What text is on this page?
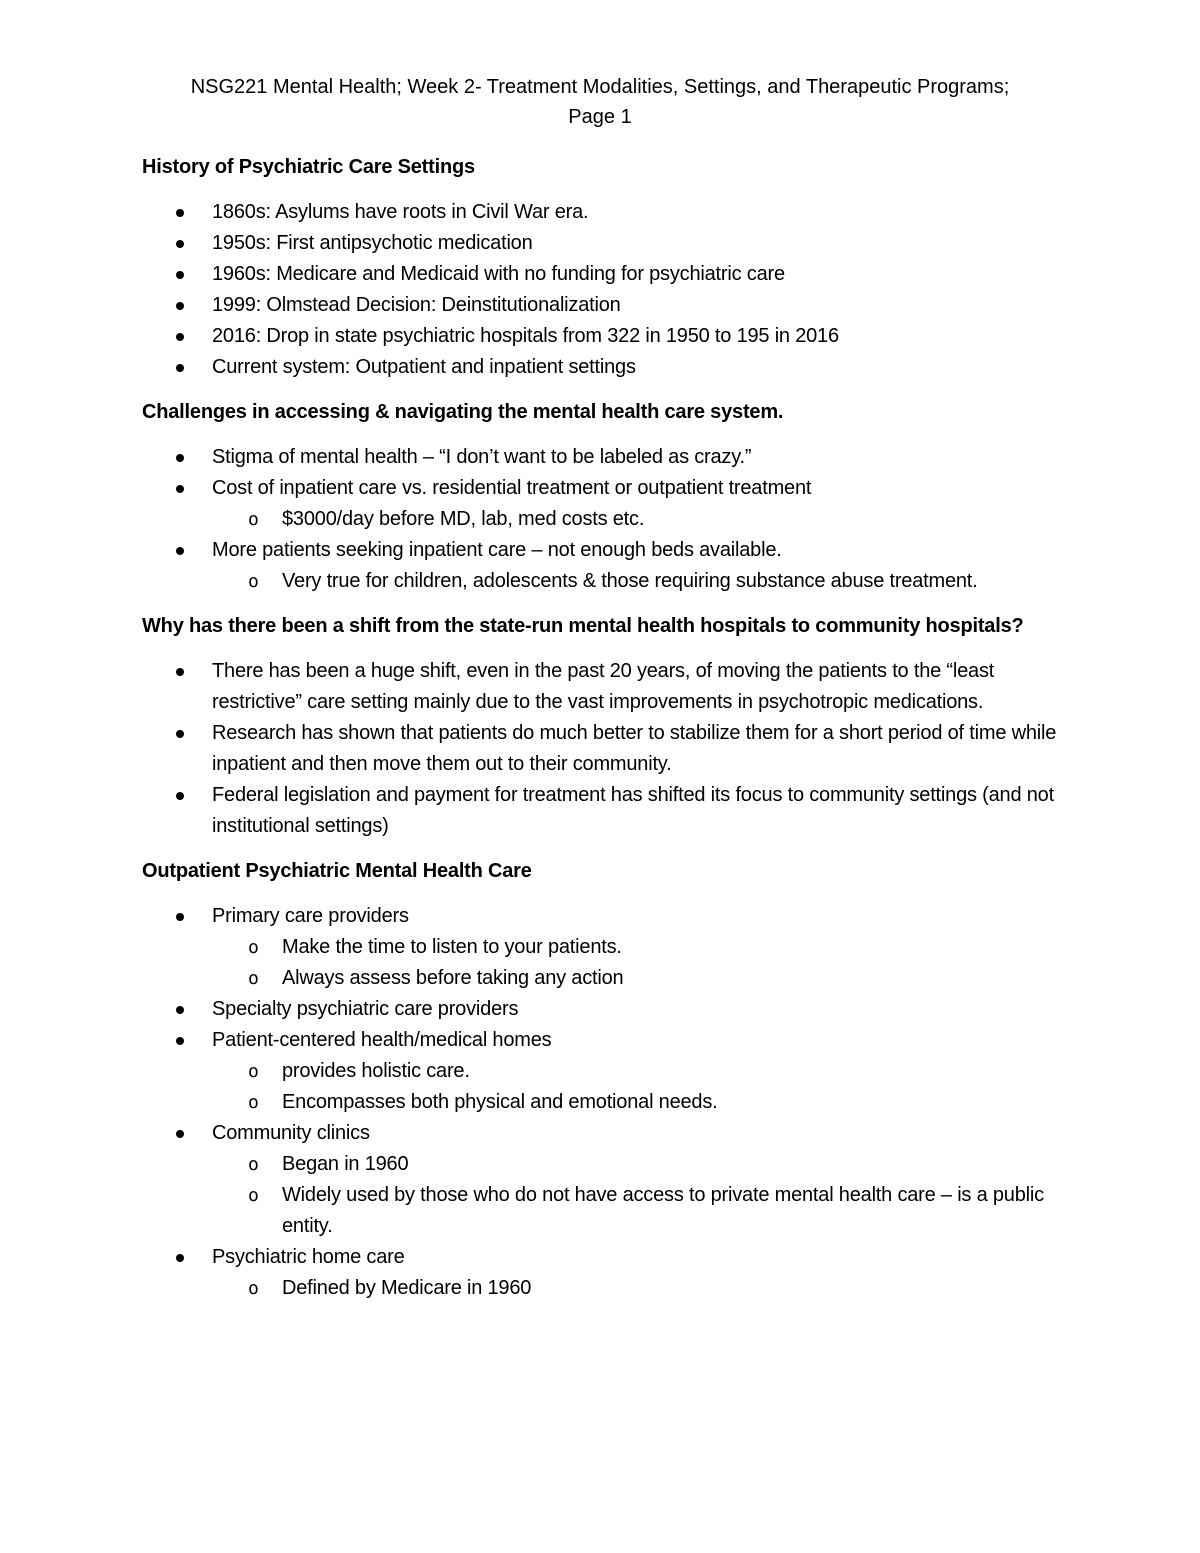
NSG221 Mental Health; Week 2- Treatment Modalities, Settings, and Therapeutic Programs;
Page 1
History of Psychiatric Care Settings
1860s: Asylums have roots in Civil War era.
1950s: First antipsychotic medication
1960s: Medicare and Medicaid with no funding for psychiatric care
1999: Olmstead Decision: Deinstitutionalization
2016: Drop in state psychiatric hospitals from 322 in 1950 to 195 in 2016
Current system: Outpatient and inpatient settings
Challenges in accessing & navigating the mental health care system.
Stigma of mental health – “I don’t want to be labeled as crazy.”
Cost of inpatient care vs. residential treatment or outpatient treatment
o $3000/day before MD, lab, med costs etc.
More patients seeking inpatient care – not enough beds available.
o Very true for children, adolescents & those requiring substance abuse treatment.
Why has there been a shift from the state-run mental health hospitals to community hospitals?
There has been a huge shift, even in the past 20 years, of moving the patients to the “least restrictive” care setting mainly due to the vast improvements in psychotropic medications.
Research has shown that patients do much better to stabilize them for a short period of time while inpatient and then move them out to their community.
Federal legislation and payment for treatment has shifted its focus to community settings (and not institutional settings)
Outpatient Psychiatric Mental Health Care
Primary care providers
o Make the time to listen to your patients.
o Always assess before taking any action
Specialty psychiatric care providers
Patient-centered health/medical homes
o provides holistic care.
o Encompasses both physical and emotional needs.
Community clinics
o Began in 1960
o Widely used by those who do not have access to private mental health care – is a public entity.
Psychiatric home care
o Defined by Medicare in 1960
